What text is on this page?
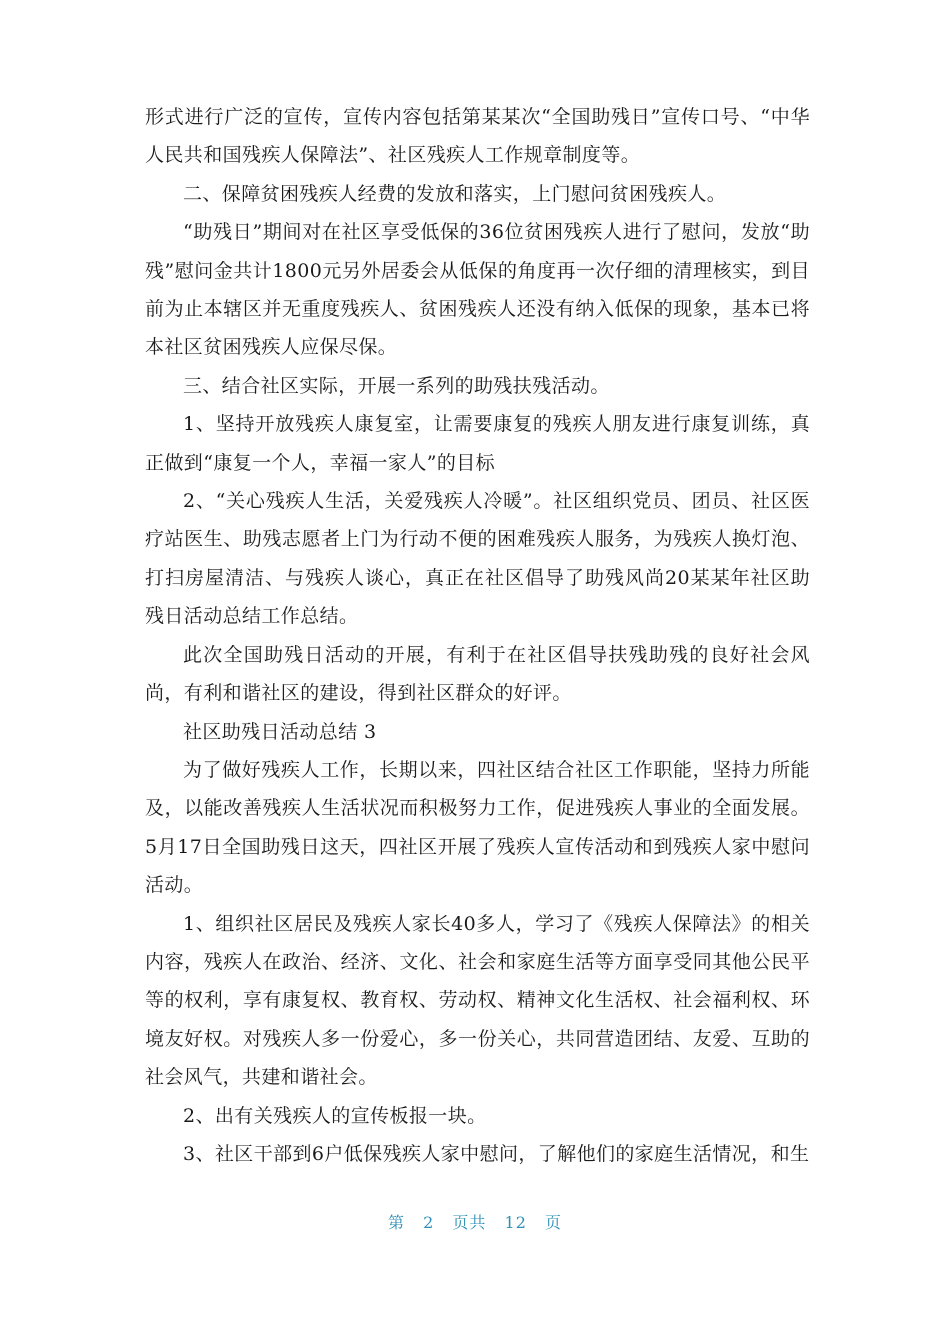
形式进行广泛的宣传，宣传内容包括第某某次“全国助残日”宣传口号、“中华人民共和国残疾人保障法”、社区残疾人工作规章制度等。

二、保障贫困残疾人经费的发放和落实，上门慰问贫困残疾人。

“助残日”期间对在社区享受低保的36位贫困残疾人进行了慰问，发放“助残”慰问金共计1800元另外居委会从低保的角度再一次仔细的清理核实，到目前为止本辖区并无重度残疾人、贫困残疾人还没有纳入低保的现象，基本已将本社区贫困残疾人应保尽保。

三、结合社区实际，开展一系列的助残扶残活动。

1、坚持开放残疾人康复室，让需要康复的残疾人朋友进行康复训练，真正做到“康复一个人，幸福一家人”的目标

2、“关心残疾人生活，关爱残疾人冷暖”。社区组织党员、团员、社区医疗站医生、助残志愿者上门为行动不便的困难残疾人服务，为残疾人换灯泡、打扫房屋清洁、与残疾人谈心，真正在社区倡导了助残风尚20某某年社区助残日活动总结工作总结。

此次全国助残日活动的开展，有利于在社区倡导扶残助残的良好社会风尚，有利和谐社区的建设，得到社区群众的好评。

社区助残日活动总结 3

为了做好残疾人工作，长期以来，四社区结合社区工作职能，坚持力所能及，以能改善残疾人生活状况而积极努力工作，促进残疾人事业的全面发展。5月17日全国助残日这天，四社区开展了残疾人宣传活动和到残疾人家中慰问活动。

1、组织社区居民及残疾人家长40多人，学习了《残疾人保障法》的相关内容，残疾人在政治、经济、文化、社会和家庭生活等方面享受同其他公民平等的权利，享有康复权、教育权、劳动权、精神文化生活权、社会福利权、环境友好权。对残疾人多一份爱心，多一份关心，共同营造团结、友爱、互助的社会风气，共建和谐社会。

2、出有关残疾人的宣传板报一块。

3、社区干部到6户低保残疾人家中慰问，了解他们的家庭生活情况，和生

第 2 页共 12 页
